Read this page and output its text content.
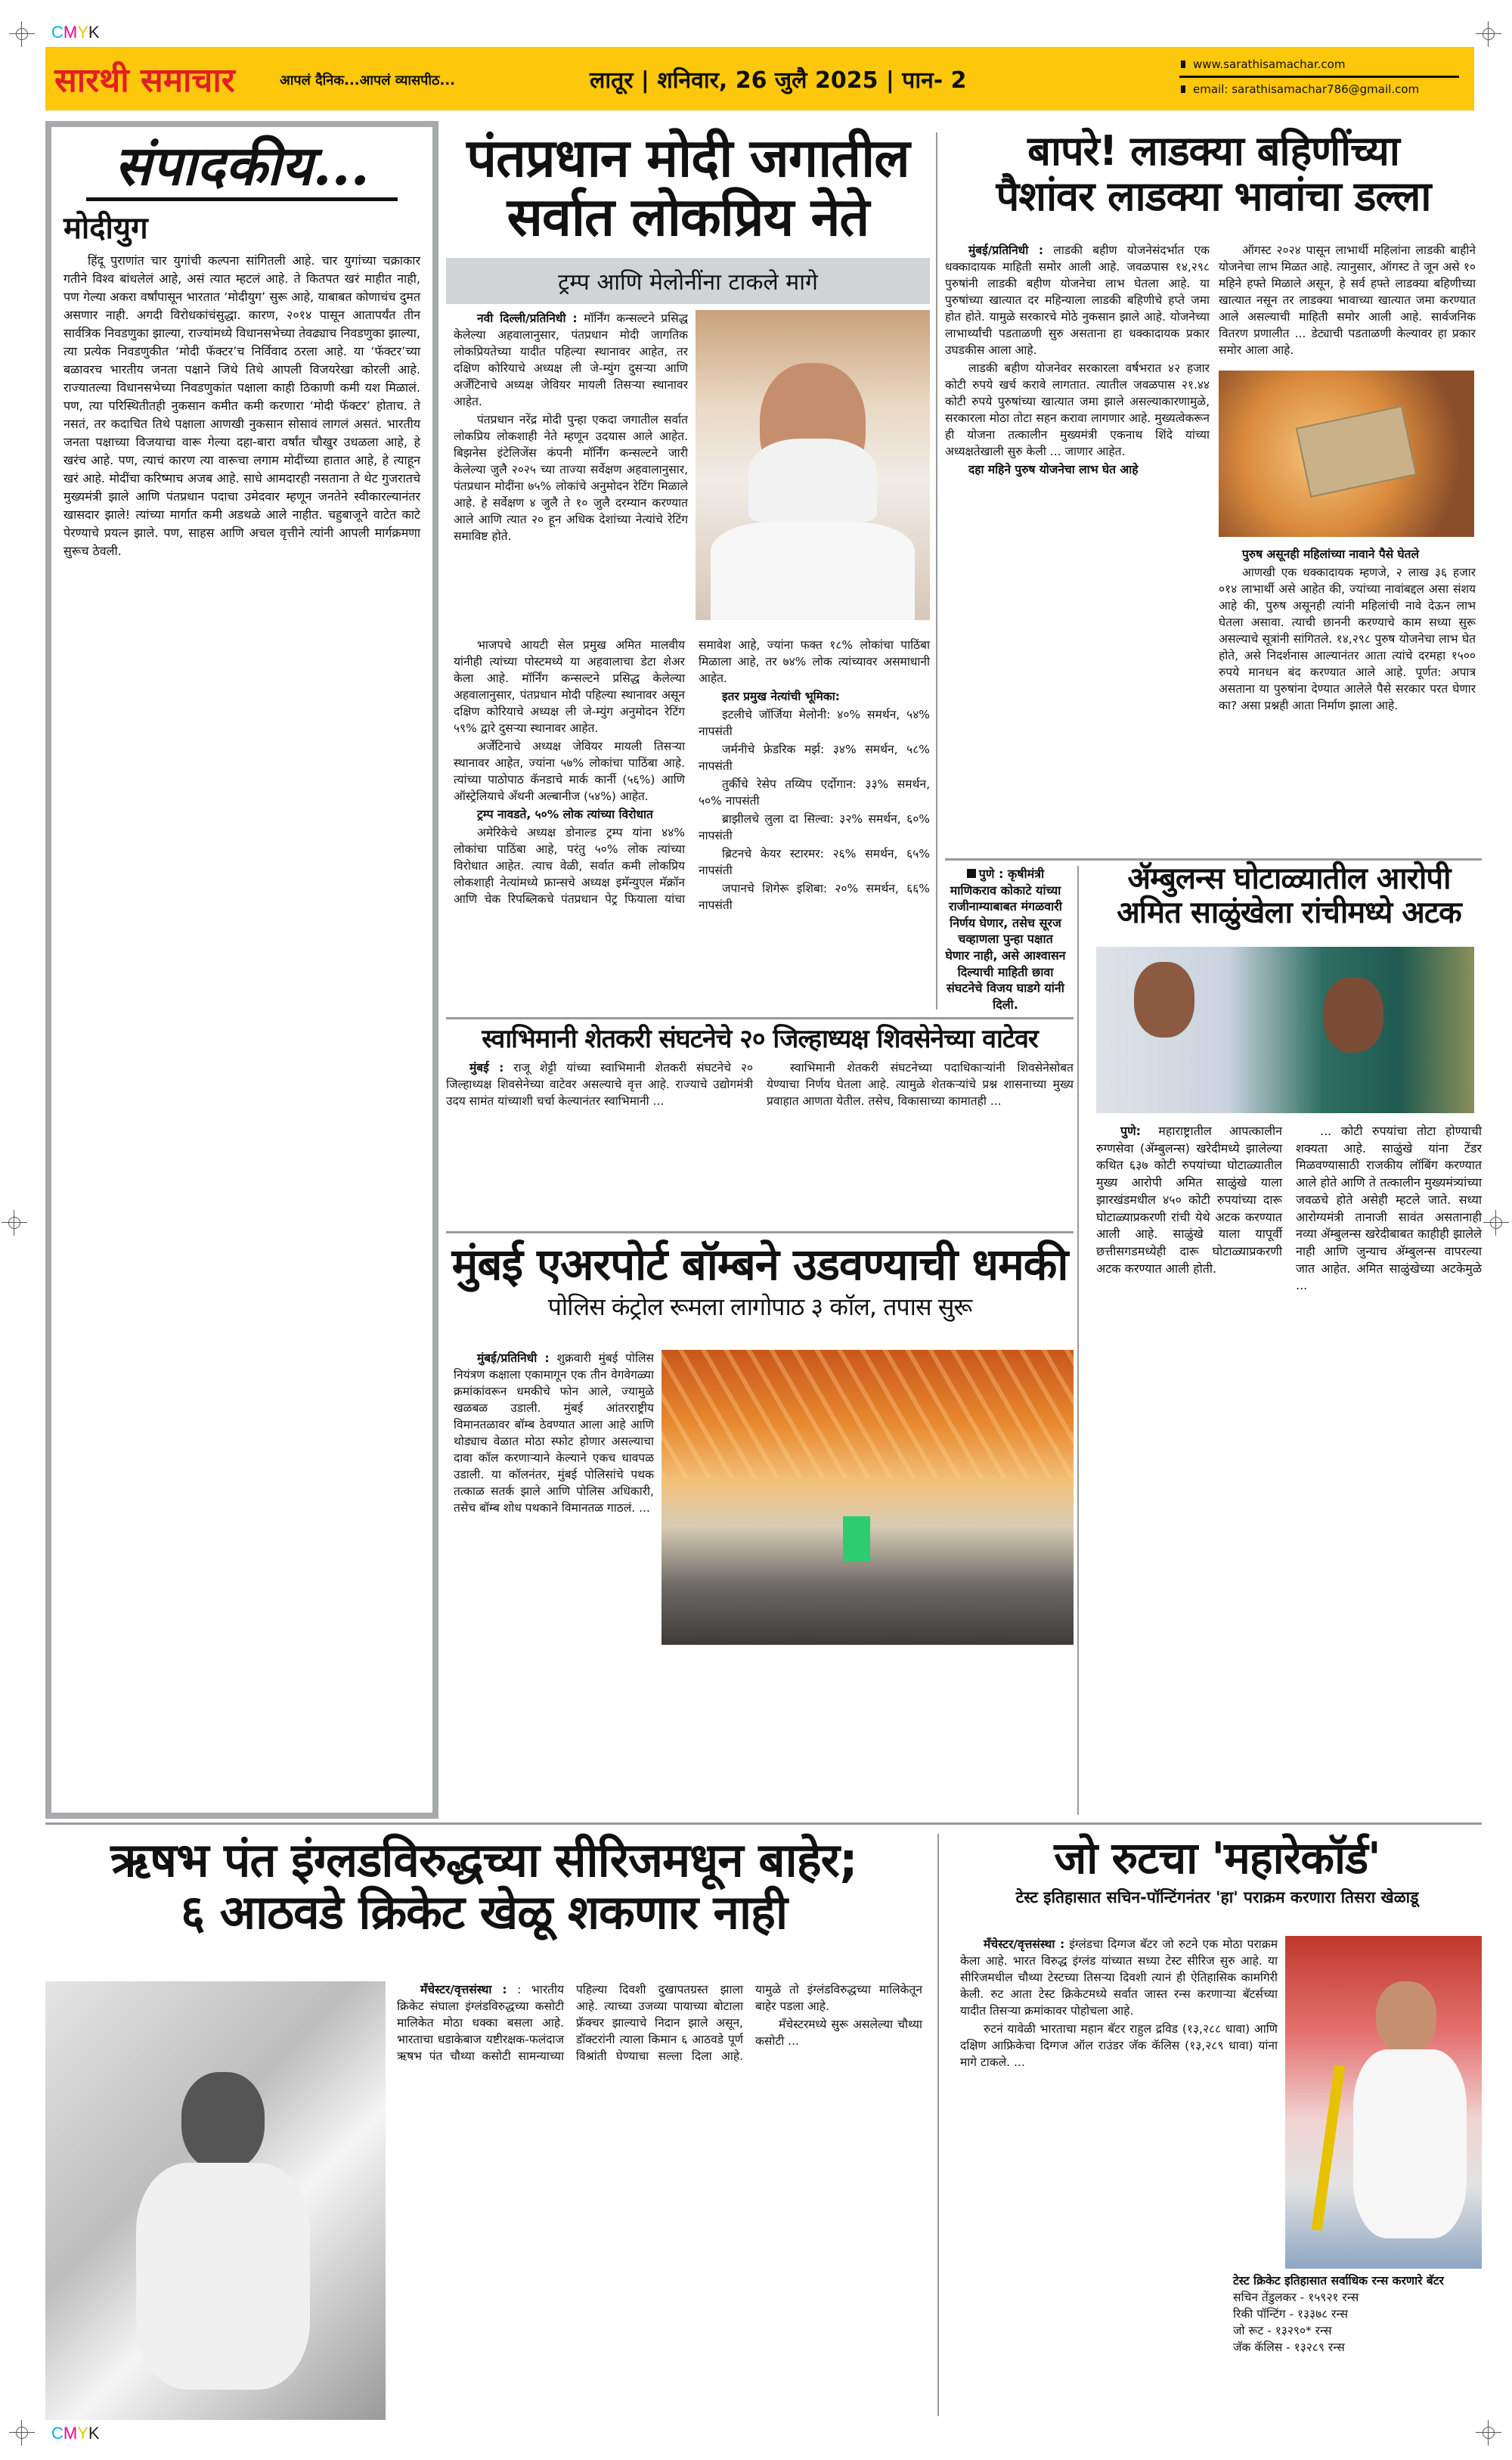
CMYK
CMYK
सारथी समाचार	आपलं दैनिक...आपलं व्यासपीठ...	लातूर | शनिवार, 26 जुलै 2025 | पान- 2
www.sarathisamachar.com
email: sarathisamachar786@gmail.com
संपादकीय...
मोदीयुग

हिंदू पुराणांत चार युगांची कल्पना सांगितली आहे. चार युगांच्या चक्राकार गतीने विश्‍व बांधलेलं आहे, असं त्यात म्हटलं आहे. ते कितपत खरं माहीत नाही, पण गेल्या अकरा वर्षांपासून भारतात ‘मोदीयुग’ सुरू आहे, याबाबत कोणाचंच दुमत असणार नाही. अगदी विरोधकांचंसुद्धा. कारण, २०१४ पासून आतापर्यंत तीन सार्वत्रिक निवडणुका झाल्या, राज्यांमध्ये विधानसभेच्या तेवढ्याच निवडणुका झाल्या, त्या प्रत्येक निवडणुकीत ‘मोदी फॅक्टर’च निर्विवाद ठरला आहे. या ‘फॅक्टर’च्या बळावरच भारतीय जनता पक्षाने जिथे तिथे आपली विजयरेखा कोरली आहे. राज्यातल्या विधानसभेच्या निवडणुकांत पक्षाला काही ठिकाणी कमी यश मिळालं. पण, त्या परिस्थितीतही नुकसान कमीत कमी करणारा ‘मोदी फॅक्टर’ होताच. ते नसतं, तर कदाचित तिथे पक्षाला आणखी नुकसान सोसावं लागलं असतं. भारतीय जनता पक्षाच्या विजयाचा वारू गेल्या दहा-बारा वर्षांत चौखुर उधळला आहे, हे खरंच आहे. पण, त्याचं कारण त्या वारूचा लगाम मोदींच्या हातात आहे, हे त्याहून खरं आहे. मोदींचा करिष्माच अजब आहे. साधे आमदारही नसताना ते थेट गुजरातचे मुख्यमंत्री झाले आणि पंतप्रधान पदाचा उमेदवार म्हणून जनतेने स्वीकारल्यानंतर खासदार झाले! त्यांच्या मार्गात कमी अडथळे आले नाहीत. चहुबाजूने वाटेत काटे पेरण्याचे प्रयत्न झाले. पण, साहस आणि अचल वृत्तीने त्यांनी आपली मार्गक्रमणा सुरूच ठेवली.

पंतप्रधान मोदी जगातील
सर्वात लोकप्रिय नेते
ट्रम्प आणि मेलोनींना टाकले मागे

नवी दिल्ली/प्रतिनिधी : मॉर्निंग कन्सल्टने प्रसिद्ध केलेल्या अहवालानुसार, पंतप्रधान मोदी जागतिक लोकप्रियतेच्या यादीत पहिल्या स्थानावर आहेत, तर दक्षिण कोरियाचे अध्यक्ष ली जे-म्युंग दुसऱ्या आणि अर्जेंटिनाचे अध्यक्ष जेवियर मायली तिसऱ्या स्थानावर आहेत.

पंतप्रधान नरेंद्र मोदी पुन्हा एकदा जगातील सर्वात लोकप्रिय लोकशाही नेते म्हणून उदयास आले आहेत. बिझनेस इंटेलिजेंस कंपनी मॉर्निंग कन्सल्टने जारी केलेल्या जुलै २०२५ च्या ताज्या सर्वेक्षण अहवालानुसार, पंतप्रधान मोदींना ७५% लोकांचे अनुमोदन रेटिंग मिळाले आहे. हे सर्वेक्षण ४ जुलै ते १० जुलै दरम्यान करण्यात आले आणि त्यात २० हून अधिक देशांच्या नेत्यांचे रेटिंग समाविष्ट होते.

भाजपचे आयटी सेल प्रमुख अमित मालवीय यांनीही त्यांच्या पोस्टमध्ये या अहवालाचा डेटा शेअर केला आहे. मॉर्निंग कन्सल्टने प्रसिद्ध केलेल्या अहवालानुसार, पंतप्रधान मोदी पहिल्या स्थानावर असून दक्षिण कोरियाचे अध्यक्ष ली जे-म्युंग अनुमोदन रेटिंग ५९% द्वारे दुसऱ्या स्थानावर आहेत.

अर्जेंटिनाचे अध्यक्ष जेवियर मायली तिसऱ्या स्थानावर आहेत, ज्यांना ५७% लोकांचा पाठिंबा आहे. त्यांच्या पाठोपाठ कॅनडाचे मार्क कार्नी (५६%) आणि ऑस्ट्रेलियाचे अँथनी अल्बानीज (५४%) आहेत.

ट्रम्प नावडते, ५०% लोक त्यांच्या विरोधात

अमेरिकेचे अध्यक्ष डोनाल्ड ट्रम्प यांना ४४% लोकांचा पाठिंबा आहे, परंतु ५०% लोक त्यांच्या विरोधात आहेत. त्याच वेळी, सर्वात कमी लोकप्रिय लोकशाही नेत्यांमध्ये फ्रान्सचे अध्यक्ष इमॅन्युएल मॅक्रॉन आणि चेक रिपब्लिकचे पंतप्रधान पेट्र फियाला यांचा समावेश आहे, ज्यांना फक्त १८% लोकांचा पाठिंबा मिळाला आहे, तर ७४% लोक त्यांच्यावर असमाधानी आहेत.

इतर प्रमुख नेत्यांची भूमिका:

इटलीचे जॉर्जिया मेलोनी: ४०% समर्थन, ५४% नापसंती

जर्मनीचे फ्रेडरिक मर्झ: ३४% समर्थन, ५८% नापसंती

तुर्कीचे रेसेप तय्यिप एर्दोगान: ३३% समर्थन, ५०% नापसंती

ब्राझीलचे लुला दा सिल्वा: ३२% समर्थन, ६०% नापसंती

ब्रिटनचे केयर स्टारमर: २६% समर्थन, ६५% नापसंती

जपानचे शिगेरू इशिबा: २०% समर्थन, ६६% नापसंती

बापरे! लाडक्या बहिणींच्या
पैशांवर लाडक्या भावांचा डल्ला

मुंबई/प्रतिनिधी : लाडकी बहीण योजनेसंदर्भात एक धक्कादायक माहिती समोर आली आहे. जवळपास १४,२९८ पुरुषांनी लाडकी बहीण योजनेचा लाभ घेतला आहे. या पुरुषांच्या खात्यात दर महिन्याला लाडकी बहिणीचे हप्ते जमा होत होते. यामुळे सरकारचे मोठे नुकसान झाले आहे. योजनेच्या लाभार्थ्यांची पडताळणी सुरु असताना हा धक्कादायक प्रकार उघडकीस आला आहे.

लाडकी बहीण योजनेवर सरकारला वर्षभरात ४२ हजार कोटी रुपये खर्च करावे लागतात. त्यातील जवळपास २१.४४ कोटी रुपये पुरुषांच्या खात्यात जमा झाले असल्याकारणामुळे, सरकारला मोठा तोटा सहन करावा लागणार आहे. मुख्यत्वेकरून ही योजना तत्कालीन मुख्यमंत्री एकनाथ शिंदे यांच्या अध्यक्षतेखाली सुरु केली ... जाणार आहेत.

दहा महिने पुरुष योजनेचा लाभ घेत आहे

ऑगस्ट २०२४ पासून लाभार्थी महिलांना लाडकी बाहीने योजनेचा लाभ मिळत आहे. त्यानुसार, ऑगस्ट ते जून असे १० महिने हफ्ते मिळाले असून, हे सर्व हफ्ते लाडक्या बहिणीच्या खात्यात नसून तर लाडक्या भावाच्या खात्यात जमा करण्यात आले असल्याची माहिती समोर आली आहे. सार्वजनिक वितरण प्रणालीत ... डेट्याची पडताळणी केल्यावर हा प्रकार समोर आला आहे.

पुरुष असूनही महिलांच्या नावाने पैसे घेतले

आणखी एक धक्कादायक म्हणजे, २ लाख ३६ हजार ०१४ लाभार्थी असे आहेत की, ज्यांच्या नावांबद्दल असा संशय आहे की, पुरुष असूनही त्यांनी महिलांची नावे देऊन लाभ घेतला असावा. त्याची छाननी करण्याचे काम सध्या सुरू असल्याचे सूत्रांनी सांगितले. १४,२९८ पुरुष योजनेचा लाभ घेत होते, असे निदर्शनास आल्यानंतर आता त्यांचे दरमहा १५०० रुपये मानधन बंद करण्यात आले आहे. पूर्णत: अपात्र असताना या पुरुषांना देण्यात आलेले पैसे सरकार परत घेणार का? असा प्रश्नही आता निर्माण झाला आहे.

पुणे : कृषीमंत्री माणिकराव कोकाटे यांच्या राजीनाम्याबाबत मंगळवारी निर्णय घेणार, तसेच सूरज चव्हाणला पुन्हा पक्षात घेणार नाही, असे आश्वासन दिल्याची माहिती छावा संघटनेचे विजय घाडगे यांनी दिली.
ॲम्बुलन्स घोटाळ्यातील आरोपी
अमित साळुंखेला रांचीमध्ये अटक

पुणे: महाराष्ट्रातील आपत्कालीन रुग्णसेवा (ॲम्बुलन्स) खरेदीमध्ये झालेल्या कथित ६३७ कोटी रुपयांच्या घोटाळ्यातील मुख्य आरोपी अमित साळुंखे याला झारखंडमधील ४५० कोटी रुपयांच्या दारू घोटाळ्याप्रकरणी रांची येथे अटक करण्यात आली आहे. साळुंखे याला यापूर्वी छत्तीसगडमध्येही दारू घोटाळ्याप्रकरणी अटक करण्यात आली होती.

... कोटी रुपयांचा तोटा होण्याची शक्यता आहे. साळुंखे यांना टेंडर मिळवण्यासाठी राजकीय लॉबिंग करण्यात आले होते आणि ते तत्कालीन मुख्यमंत्र्यांच्या जवळचे होते असेही म्हटले जाते. सध्या आरोग्यमंत्री तानाजी सावंत असतानाही नव्या ॲम्बुलन्स खरेदीबाबत काहीही झालेले नाही आणि जुन्याच ॲम्बुलन्स वापरल्या जात आहेत. अमित साळुंखेच्या अटकेमुळे ...

स्वाभिमानी शेतकरी संघटनेचे २० जिल्हाध्यक्ष शिवसेनेच्या वाटेवर

मुंबई : राजू शेट्टी यांच्या स्वाभिमानी शेतकरी संघटनेचे २० जिल्हाध्यक्ष शिवसेनेच्या वाटेवर असल्याचे वृत्त आहे. राज्याचे उद्योगमंत्री उदय सामंत यांच्याशी चर्चा केल्यानंतर स्वाभिमानी ...

स्वाभिमानी शेतकरी संघटनेच्या पदाधिकाऱ्यांनी शिवसेनेसोबत येण्याचा निर्णय घेतला आहे. त्यामुळे शेतकऱ्यांचे प्रश्न शासनाच्या मुख्य प्रवाहात आणता येतील. तसेच, विकासाच्या कामातही ...

मुंबई एअरपोर्ट बॉम्बने उडवण्याची धमकी
पोलिस कंट्रोल रूमला लागोपाठ ३ कॉल, तपास सुरू

मुंबई/प्रतिनिधी : शुक्रवारी मुंबई पोलिस नियंत्रण कक्षाला एकामागून एक तीन वेगवेगळ्या क्रमांकांवरून धमकीचे फोन आले, ज्यामुळे खळबळ उडाली. मुंबई आंतरराष्ट्रीय विमानतळावर बॉम्ब ठेवण्यात आला आहे आणि थोड्याच वेळात मोठा स्फोट होणार असल्याचा दावा कॉल करणाऱ्याने केल्याने एकच धावपळ उडाली. या कॉलनंतर, मुंबई पोलिसांचे पथक तत्काळ सतर्क झाले आणि पोलिस अधिकारी, तसेच बॉम्ब शोध पथकाने विमानतळ गाठलं. ...

ऋषभ पंत इंग्लडविरुद्धच्या सीरिजमधून बाहेर;
६ आठवडे क्रिकेट खेळू शकणार नाही

मँचेस्टर/वृत्तसंस्था : : भारतीय क्रिकेट संघाला इंग्लंडविरुद्धच्या कसोटी मालिकेत मोठा धक्का बसला आहे. भारताचा धडाकेबाज यष्टीरक्षक-फलंदाज ऋषभ पंत चौथ्या कसोटी सामन्याच्या पहिल्या दिवशी दुखापतग्रस्त झाला आहे. त्याच्या उजव्या पायाच्या बोटाला फ्रॅक्चर झाल्याचे निदान झाले असून, डॉक्टरांनी त्याला किमान ६ आठवडे पूर्ण विश्रांती घेण्याचा सल्ला दिला आहे. यामुळे तो इंग्लंडविरुद्धच्या मालिकेतून बाहेर पडला आहे.

मँचेस्टरमध्ये सुरू असलेल्या चौथ्या कसोटी ...

जो रुटचा 'महारेकॉर्ड'
टेस्ट इतिहासात सचिन-पॉन्टिंगनंतर 'हा' पराक्रम करणारा तिसरा खेळाडू

मँचेस्टर/वृत्तसंस्था : इंग्लंडचा दिग्गज बॅटर जो रुटने एक मोठा पराक्रम केला आहे. भारत विरुद्ध इंग्लंड यांच्यात सध्या टेस्ट सीरिज सुरु आहे. या सीरिजमधील चौथ्या टेस्टच्या तिसऱ्या दिवशी त्यानं ही ऐतिहासिक कामगिरी केली. रुट आता टेस्ट क्रिकेटमध्ये सर्वात जास्त रन्स करणाऱ्या बॅटर्सच्या यादीत तिसऱ्या क्रमांकावर पोहोचला आहे.

रुटनं यावेळी भारताचा महान बॅटर राहुल द्रविड (१३,२८८ धावा) आणि दक्षिण आफ्रिकेचा दिग्गज ऑल राउंडर जॅक कॅलिस (१३,२८९ धावा) यांना मागे टाकले. ...

टेस्ट क्रिकेट इतिहासात सर्वाधिक रन्स करणारे बॅटर

सचिन तेंडुलकर - १५९२१ रन्स

रिकी पॉन्टिंग - १३३७८ रन्स

जो रूट - १३२९०* रन्स

जॅक कॅलिस - १३२८९ रन्स
